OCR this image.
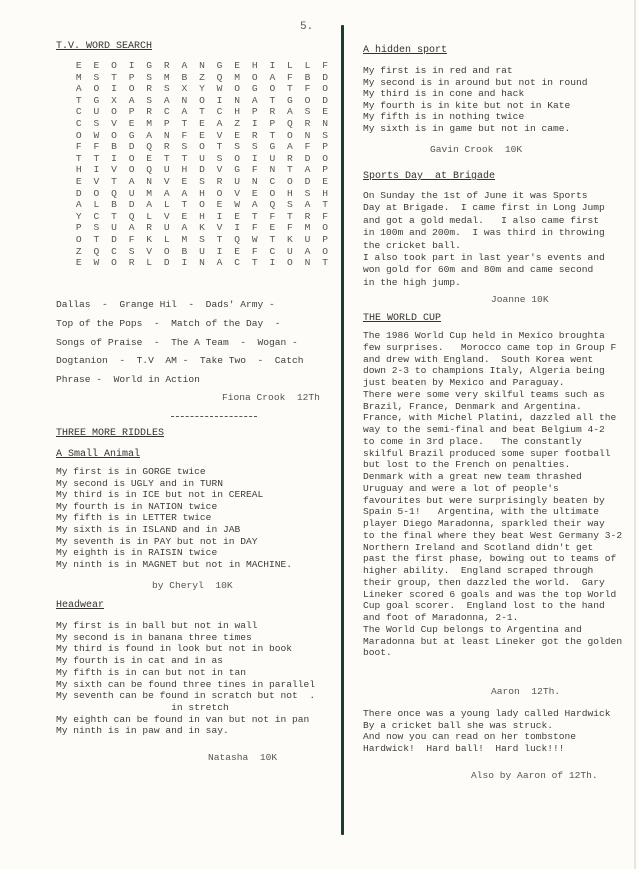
5.
T.V. WORD SEARCH
E	E	O	I	G	R	A	N	G	E	H	I	L	L	F
M	S	T	P	S	M	B	Z	Q	M	O	A	F	B	D
A	O	I	O	R	S	X	Y	W	O	G	O	T	F	O
T	G	X	A	S	A	N	O	I	N	A	T	G	O	D
C	U	O	P	R	C	A	T	C	H	P	R	A	S	E
C	S	V	E	M	P	T	E	A	Z	I	P	Q	R	N
O	W	O	G	A	N	F	E	V	E	R	T	O	N	S
F	F	B	D	Q	R	S	O	T	S	S	G	A	F	P
T	T	I	O	E	T	T	U	S	O	I	U	R	D	O
H	I	V	O	Q	U	H	D	V	G	F	N	T	A	P
E	V	T	A	N	V	E	S	R	U	N	C	O	D	E
D	O	Q	U	M	A	A	H	O	V	E	O	H	S	H
A	L	B	D	A	L	T	O	E	W	A	Q	S	A	T
Y	C	T	Q	L	V	E	H	I	E	T	F	T	R	F
P	S	U	A	R	U	A	K	V	I	F	E	F	M	O
O	T	D	F	K	L	M	S	T	Q	W	T	K	U	P
Z	Q	C	S	V	O	B	U	I	E	F	C	U	A	O
E	W	O	R	L	D	I	N	A	C	T	I	O	N	T
Dallas  -  Grange Hil  -  Dads' Army -
Top of the Pops  -  Match of the Day  -
Songs of Praise  -  The A Team  -  Wogan -
Dogtanion  -  T.V  AM -  Take Two  -  Catch
Phrase -  World in Action
Fiona Crook  12Th
THREE MORE RIDDLES
A Small Animal
My first is in GORGE twice
My second is UGLY and in TURN
My third is in ICE but not in CEREAL
My fourth is in NATION twice
My fifth is in LETTER twice
My sixth is in ISLAND and in JAB
My seventh is in PAY but not in DAY
My eighth is in RAISIN twice
My ninth is in MAGNET but not in MACHINE.
by Cheryl  10K
Headwear
My first is in ball but not in wall
My second is in banana three times
My third is found in look but not in book
My fourth is in cat and in as
My fifth is in can but not in tan
My sixth can be found three tines in parallel
My seventh can be found in scratch but not  .
in stretch
My eighth can be found in van but not in pan
My ninth is in paw and in say.
Natasha  10K
A hidden sport
My first is in red and rat
My second is in around but not in round
My third is in cone and hack
My fourth is in kite but not in Kate
My fifth is in nothing twice
My sixth is in game but not in came.
Gavin Crook  10K
Sports Day  at Brigade
On Sunday the 1st of June it was Sports
Day at Brigade.  I came first in Long Jump
and got a gold medal.   I also came first
in 100m and 200m.  I was third in throwing
the cricket ball.
I also took part in last year's events and
won gold for 60m and 80m and came second
in the high jump.
Joanne 10K
THE WORLD CUP
The 1986 World Cup held in Mexico broughta
few surprises.   Morocco came top in Group F
and drew with England.  South Korea went
down 2-3 to champions Italy, Algeria being
just beaten by Mexico and Paraguay.
There were some very skilful teams such as
Brazil, France, Denmark and Argentina.
France, with Michel Platini, dazzled all the
way to the semi-final and beat Belgium 4-2
to come in 3rd place.   The constantly
skilful Brazil produced some super football
but lost to the French on penalties.
Denmark with a great new team thrashed
Uruguay and were a lot of people's
favourites but were surprisingly beaten by
Spain 5-1!   Argentina, with the ultimate
player Diego Maradonna, sparkled their way
to the final where they beat West Germany 3-2
Northern Ireland and Scotland didn't get
past the first phase, bowing out to teams of
higher ability.  England scraped through
their group, then dazzled the world.  Gary
Lineker scored 6 goals and was the top World
Cup goal scorer.  England lost to the hand
and foot of Maradonna, 2-1.
The World Cup belongs to Argentina and
Maradonna but at least Lineker got the golden
boot.
Aaron  12Th.
There once was a young lady called Hardwick
By a cricket ball she was struck.
And now you can read on her tombstone
Hardwick!  Hard ball!  Hard luck!!!
Also by Aaron of 12Th.
